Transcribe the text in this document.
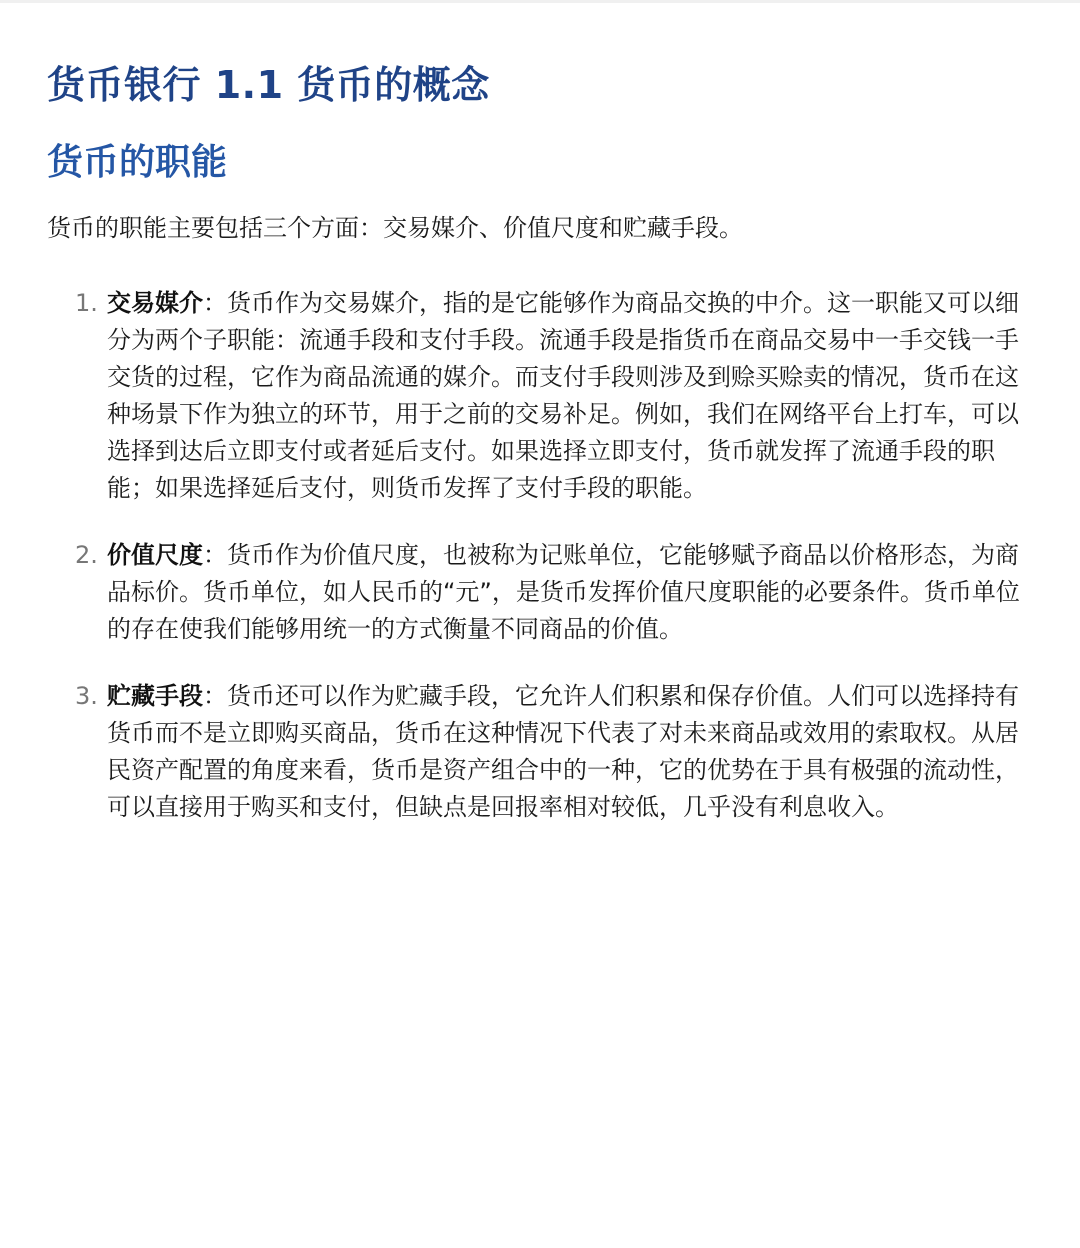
货币银行 1.1 货币的概念
货币的职能

货币的职能主要包括三个方面：交易媒介、价值尺度和贮藏手段。

1. 交易媒介：货币作为交易媒介，指的是它能够作为商品交换的中介。这一职能又可以细分为两个子职能：流通手段和支付手段。流通手段是指货币在商品交易中一手交钱一手交货的过程，它作为商品流通的媒介。而支付手段则涉及到赊买赊卖的情况，货币在这种场景下作为独立的环节，用于之前的交易补足。例如，我们在网络平台上打车，可以选择到达后立即支付或者延后支付。如果选择立即支付，货币就发挥了流通手段的职能；如果选择延后支付，则货币发挥了支付手段的职能。
2. 价值尺度：货币作为价值尺度，也被称为记账单位，它能够赋予商品以价格形态，为商品标价。货币单位，如人民币的“元”，是货币发挥价值尺度职能的必要条件。货币单位的存在使我们能够用统一的方式衡量不同商品的价值。
3. 贮藏手段：货币还可以作为贮藏手段，它允许人们积累和保存价值。人们可以选择持有货币而不是立即购买商品，货币在这种情况下代表了对未来商品或效用的索取权。从居民资产配置的角度来看，货币是资产组合中的一种，它的优势在于具有极强的流动性，可以直接用于购买和支付，但缺点是回报率相对较低，几乎没有利息收入。
